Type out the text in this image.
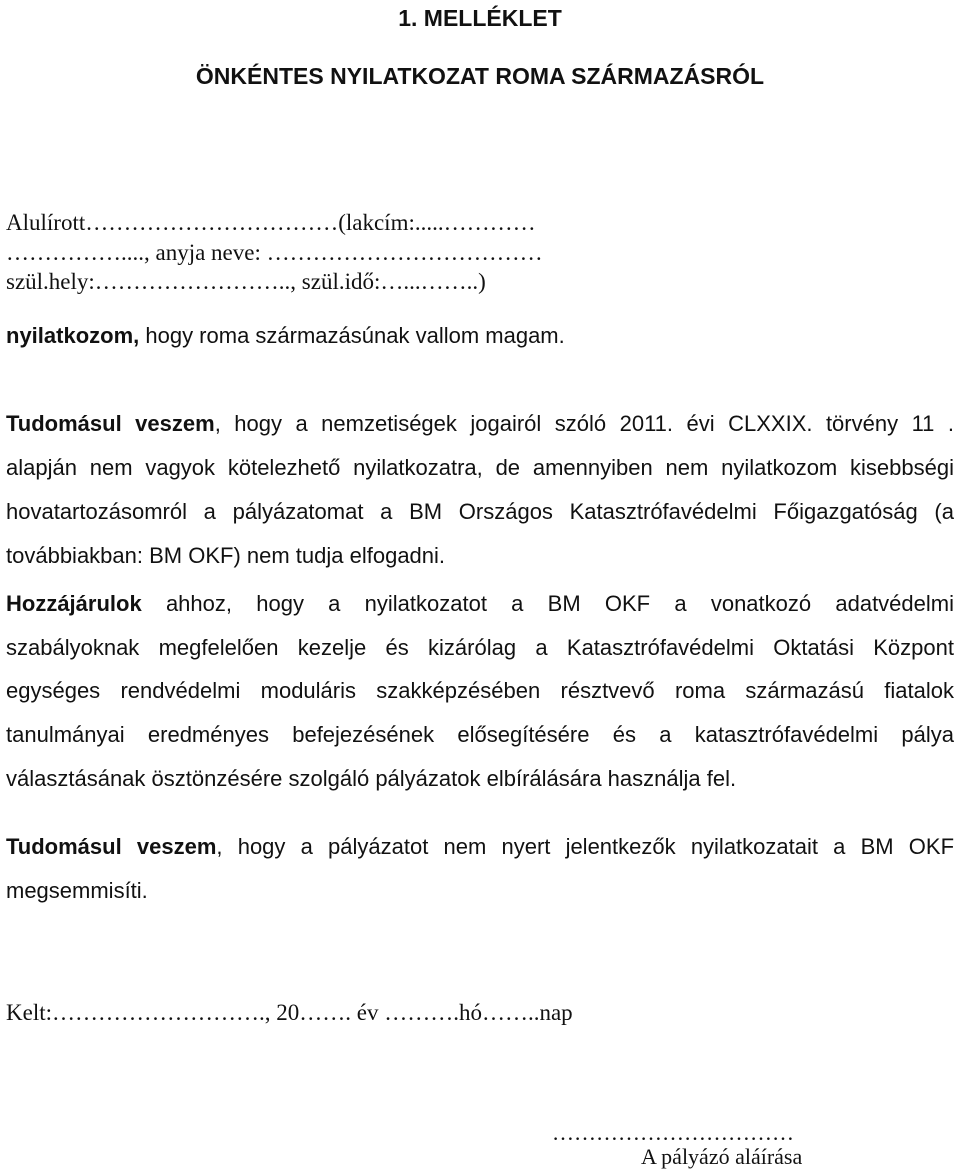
1. MELLÉKLET
ÖNKÉNTES NYILATKOZAT ROMA SZÁRMAZÁSRÓL
Alulírott……………………………(lakcím:.....…………
……………...., anyja neve: ………………………………
szül.hely:…………………….., szül.idő:…...……..)
nyilatkozom, hogy roma származásúnak vallom magam.
Tudomásul veszem, hogy a nemzetiségek jogairól szóló 2011. évi CLXXIX. törvény 11 .
alapján nem vagyok kötelezhető nyilatkozatra, de amennyiben nem nyilatkozom kisebbségi
hovatartozásomról a pályázatomat a BM Országos Katasztrófavédelmi Főigazgatóság (a
továbbiakban: BM OKF) nem tudja elfogadni.
Hozzájárulok ahhoz, hogy a nyilatkozatot a BM OKF a vonatkozó adatvédelmi
szabályoknak megfelelően kezelje és kizárólag a Katasztrófavédelmi Oktatási Központ
egységes rendvédelmi moduláris szakképzésében résztvevő roma származású fiatalok
tanulmányai eredményes befejezésének elősegítésére és a katasztrófavédelmi pálya
választásának ösztönzésére szolgáló pályázatok elbírálására használja fel.
Tudomásul veszem, hogy a pályázatot nem nyert jelentkezők nyilatkozatait a BM OKF
megsemmisíti.
Kelt:………………………., 20……. év ……….hó……..nap
……………………………
A pályázó aláírása
